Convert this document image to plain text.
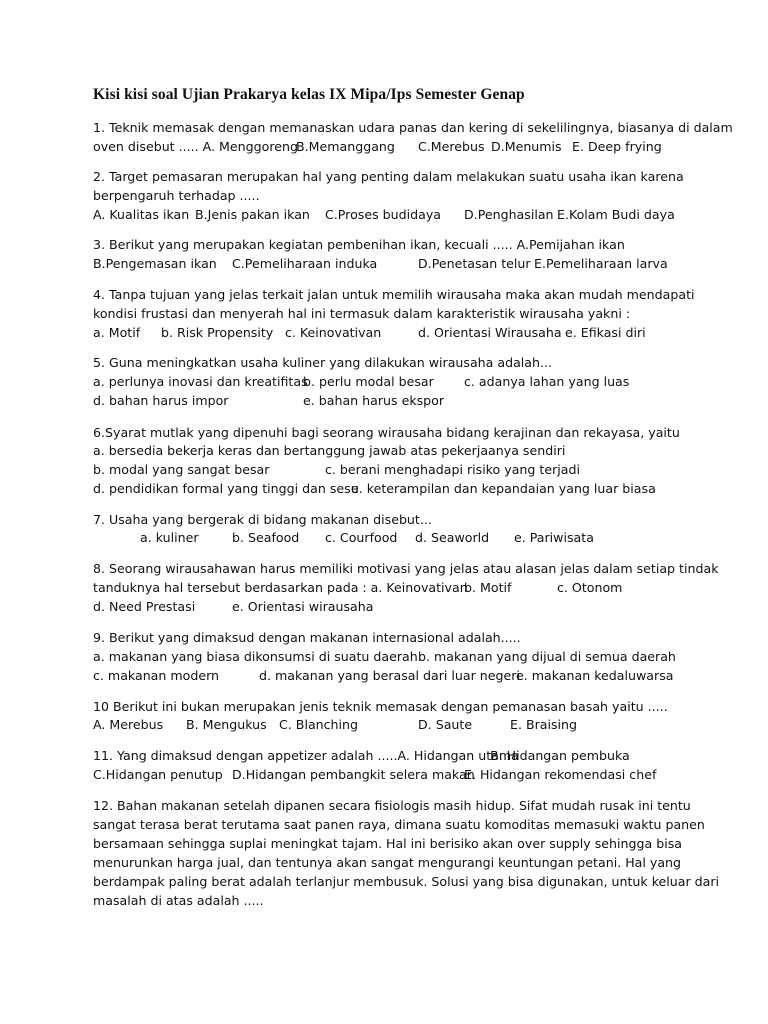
Kisi kisi soal Ujian Prakarya kelas IX Mipa/Ips Semester Genap
1. Teknik memasak dengan memanaskan udara panas dan kering di sekelilingnya, biasanya di dalam
oven disebut ..... A. Menggoreng
B.Memanggang C.Merebus D.Menumis E. Deep frying
2. Target pemasaran merupakan hal yang penting dalam melakukan suatu usaha ikan karena
berpengaruh terhadap .....
A. Kualitas ikan B.Jenis pakan ikan C.Proses budidaya D.Penghasilan E.Kolam Budi daya
3. Berikut yang merupakan kegiatan pembenihan ikan, kecuali ..... A.Pemijahan ikan
B.Pengemasan ikan C.Pemeliharaan induka	D.Penetasan telur E.Pemeliharaan larva
4. Tanpa tujuan yang jelas terkait jalan untuk memilih wirausaha maka akan mudah mendapati
kondisi frustasi dan menyerah hal ini termasuk dalam karakteristik wirausaha yakni :
a. Motif b. Risk Propensity c. Keinovativan	d. Orientasi Wirausaha e. Efikasi diri
5. Guna meningkatkan usaha kuliner yang dilakukan wirausaha adalah...
a. perlunya inovasi dan kreatifitas
b. perlu modal besar c. adanya lahan yang luas
d. bahan harus impor	e. bahan harus ekspor
6.Syarat mutlak yang dipenuhi bagi seorang wirausaha bidang kerajinan dan rekayasa, yaitu
a. bersedia bekerja keras dan bertanggung jawab atas pekerjaanya sendiri
b. modal yang sangat besar	c. berani menghadapi risiko yang terjadi
d. pendidikan formal yang tinggi dan sesu
e. keterampilan dan kepandaian yang luar biasa
7. Usaha yang bergerak di bidang makanan disebut...
a. kuliner	b. Seafood c. Courfood d. Seaworld e. Pariwisata
8. Seorang wirausahawan harus memiliki motivasi yang jelas atau alasan jelas dalam setiap tindak
tanduknya hal tersebut berdasarkan pada : a. Keinovativan
b. Motif	c. Otonom
d. Need Prestasi	e. Orientasi wirausaha
9. Berikut yang dimaksud dengan makanan internasional adalah.....
a. makanan yang biasa dikonsumsi di suatu daerah b. makanan yang dijual di semua daerah
c. makanan modern	d. makanan yang berasal dari luar negeri
e. makanan kedaluwarsa
10 Berikut ini bukan merupakan jenis teknik memasak dengan pemanasan basah yaitu .....
A. Merebus B. Mengukus C. Blanching	D. Saute	E. Braising
11. Yang dimaksud dengan appetizer adalah .....A. Hidangan utama
B. Hidangan pembuka
C.Hidangan penutup D.Hidangan pembangkit selera makan
E. Hidangan rekomendasi chef
12. Bahan makanan setelah dipanen secara fisiologis masih hidup. Sifat mudah rusak ini tentu
sangat terasa berat terutama saat panen raya, dimana suatu komoditas memasuki waktu panen
bersamaan sehingga suplai meningkat tajam. Hal ini berisiko akan over supply sehingga bisa
menurunkan harga jual, dan tentunya akan sangat mengurangi keuntungan petani. Hal yang
berdampak paling berat adalah terlanjur membusuk. Solusi yang bisa digunakan, untuk keluar dari
masalah di atas adalah .....
